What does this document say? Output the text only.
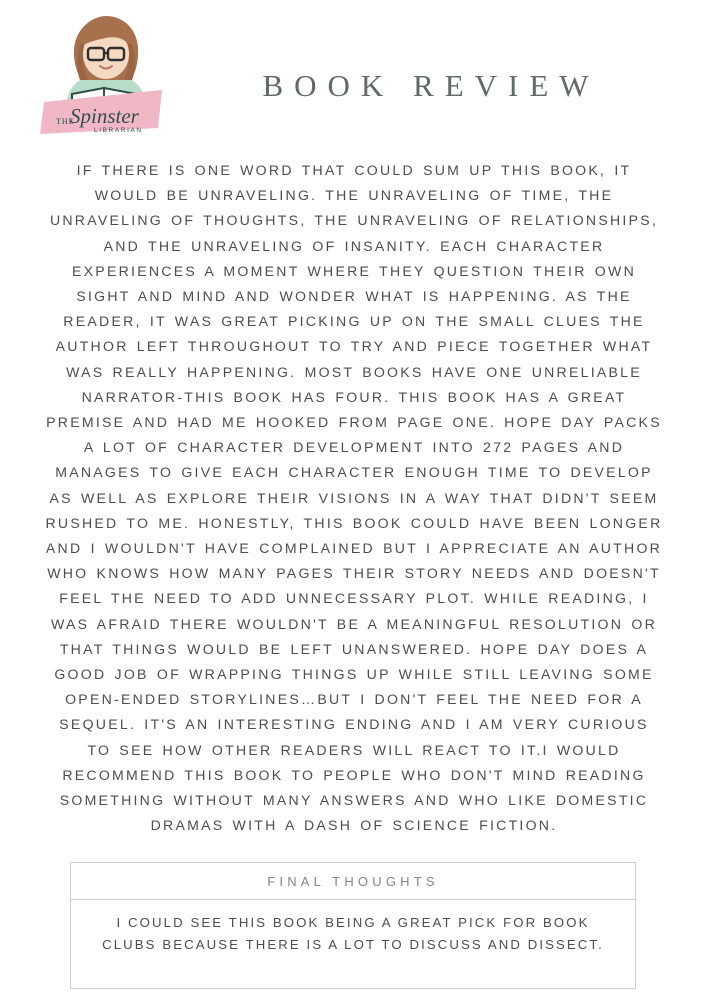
THE
Spinster
LIBRARIAN
BOOK REVIEW
IF THERE IS ONE WORD THAT COULD SUM UP THIS BOOK, IT WOULD BE UNRAVELING. THE UNRAVELING OF TIME, THE UNRAVELING OF THOUGHTS, THE UNRAVELING OF RELATIONSHIPS, AND THE UNRAVELING OF INSANITY. EACH CHARACTER EXPERIENCES A MOMENT WHERE THEY QUESTION THEIR OWN SIGHT AND MIND AND WONDER WHAT IS HAPPENING. AS THE READER, IT WAS GREAT PICKING UP ON THE SMALL CLUES THE AUTHOR LEFT THROUGHOUT TO TRY AND PIECE TOGETHER WHAT WAS REALLY HAPPENING. MOST BOOKS HAVE ONE UNRELIABLE NARRATOR-THIS BOOK HAS FOUR. THIS BOOK HAS A GREAT PREMISE AND HAD ME HOOKED FROM PAGE ONE. HOPE DAY PACKS A LOT OF CHARACTER DEVELOPMENT INTO 272 PAGES AND MANAGES TO GIVE EACH CHARACTER ENOUGH TIME TO DEVELOP AS WELL AS EXPLORE THEIR VISIONS IN A WAY THAT DIDN'T SEEM RUSHED TO ME. HONESTLY, THIS BOOK COULD HAVE BEEN LONGER AND I WOULDN'T HAVE COMPLAINED BUT I APPRECIATE AN AUTHOR WHO KNOWS HOW MANY PAGES THEIR STORY NEEDS AND DOESN'T FEEL THE NEED TO ADD UNNECESSARY PLOT. WHILE READING, I WAS AFRAID THERE WOULDN'T BE A MEANINGFUL RESOLUTION OR THAT THINGS WOULD BE LEFT UNANSWERED. HOPE DAY DOES A GOOD JOB OF WRAPPING THINGS UP WHILE STILL LEAVING SOME OPEN-ENDED STORYLINES…BUT I DON'T FEEL THE NEED FOR A SEQUEL. IT'S AN INTERESTING ENDING AND I AM VERY CURIOUS TO SEE HOW OTHER READERS WILL REACT TO IT.I WOULD RECOMMEND THIS BOOK TO PEOPLE WHO DON'T MIND READING SOMETHING WITHOUT MANY ANSWERS AND WHO LIKE DOMESTIC DRAMAS WITH A DASH OF SCIENCE FICTION.
FINAL THOUGHTS
I COULD SEE THIS BOOK BEING A GREAT PICK FOR BOOK CLUBS BECAUSE THERE IS A LOT TO DISCUSS AND DISSECT.
